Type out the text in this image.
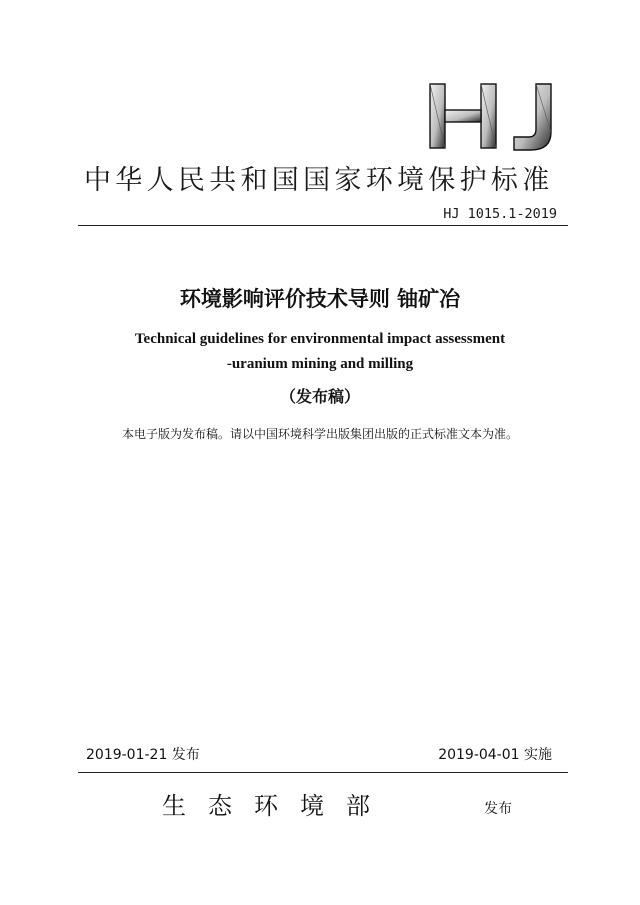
中华人民共和国国家环境保护标准
HJ 1015.1-2019
环境影响评价技术导则 铀矿冶
Technical guidelines for environmental impact assessment
-uranium mining and milling
（发布稿）
本电子版为发布稿。请以中国环境科学出版集团出版的正式标准文本为准。
2019-01-21 发布	2019-04-01 实施
生态环境部	发布
